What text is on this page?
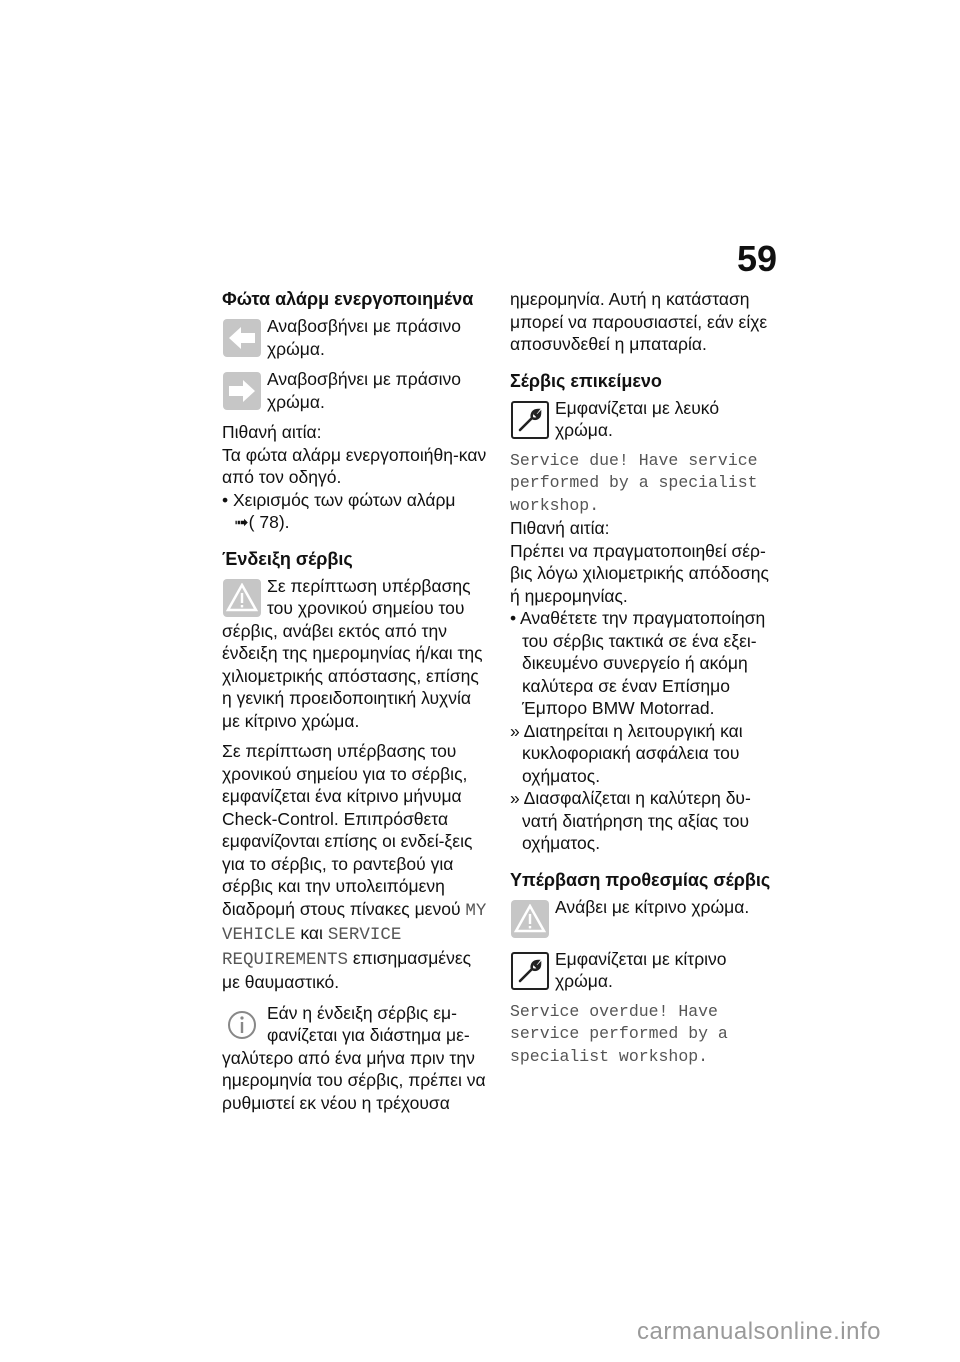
59
Φώτα αλάρμ ενεργοποιημένα

Αναβοσβήνει με πράσινο χρώμα.

Αναβοσβήνει με πράσινο χρώμα.

Πιθανή αιτία:

Τα φώτα αλάρμ ενεργοποιήθη-καν από τον οδηγό.

• Χειρισμός των φώτων αλάρμ

➟( 78).

Ένδειξη σέρβις

Σε περίπτωση υπέρβασης του χρονικού σημείου του σέρβις, ανάβει εκτός από την ένδειξη της ημερομηνίας ή/και της χιλιομετρικής απόστασης, επίσης η γενική προειδοποιητική λυχνία με κίτρινο χρώμα.

Σε περίπτωση υπέρβασης του χρονικού σημείου για το σέρβις, εμφανίζεται ένα κίτρινο μήνυμα Check-Control. Επιπρόσθετα εμφανίζονται επίσης οι ενδεί-ξεις για το σέρβις, το ραντεβού για σέρβις και την υπολειπόμενη διαδρομή στους πίνακες μενού MY VEHICLE και SERVICE REQUIREMENTS επισημασμένες με θαυμαστικό.

Εάν η ένδειξη σέρβις εμ-φανίζεται για διάστημα με-γαλύτερο από ένα μήνα πριν την ημερομηνία του σέρβις, πρέπει να ρυθμιστεί εκ νέου η τρέχουσα

ημερομηνία. Αυτή η κατάσταση μπορεί να παρουσιαστεί, εάν είχε αποσυνδεθεί η μπαταρία.

Σέρβις επικείμενο

Εμφανίζεται με λευκό χρώμα.

Service due! Have service performed by a specialist workshop.

Πιθανή αιτία:

Πρέπει να πραγματοποιηθεί σέρ-βις λόγω χιλιομετρικής απόδοσης ή ημερομηνίας.

• Αναθέτετε την πραγματοποίηση του σέρβις τακτικά σε ένα εξει-δικευμένο συνεργείο ή ακόμη καλύτερα σε έναν Επίσημο Έμπορο BMW Motorrad.

» Διατηρείται η λειτουργική και κυκλοφοριακή ασφάλεια του οχήματος.

» Διασφαλίζεται η καλύτερη δυ-νατή διατήρηση της αξίας του οχήματος.

Υπέρβαση προθεσμίας σέρβις

Ανάβει με κίτρινο χρώμα.

Εμφανίζεται με κίτρινο χρώμα.

Service overdue! Have service performed by a specialist workshop.

carmanualsonline.info
